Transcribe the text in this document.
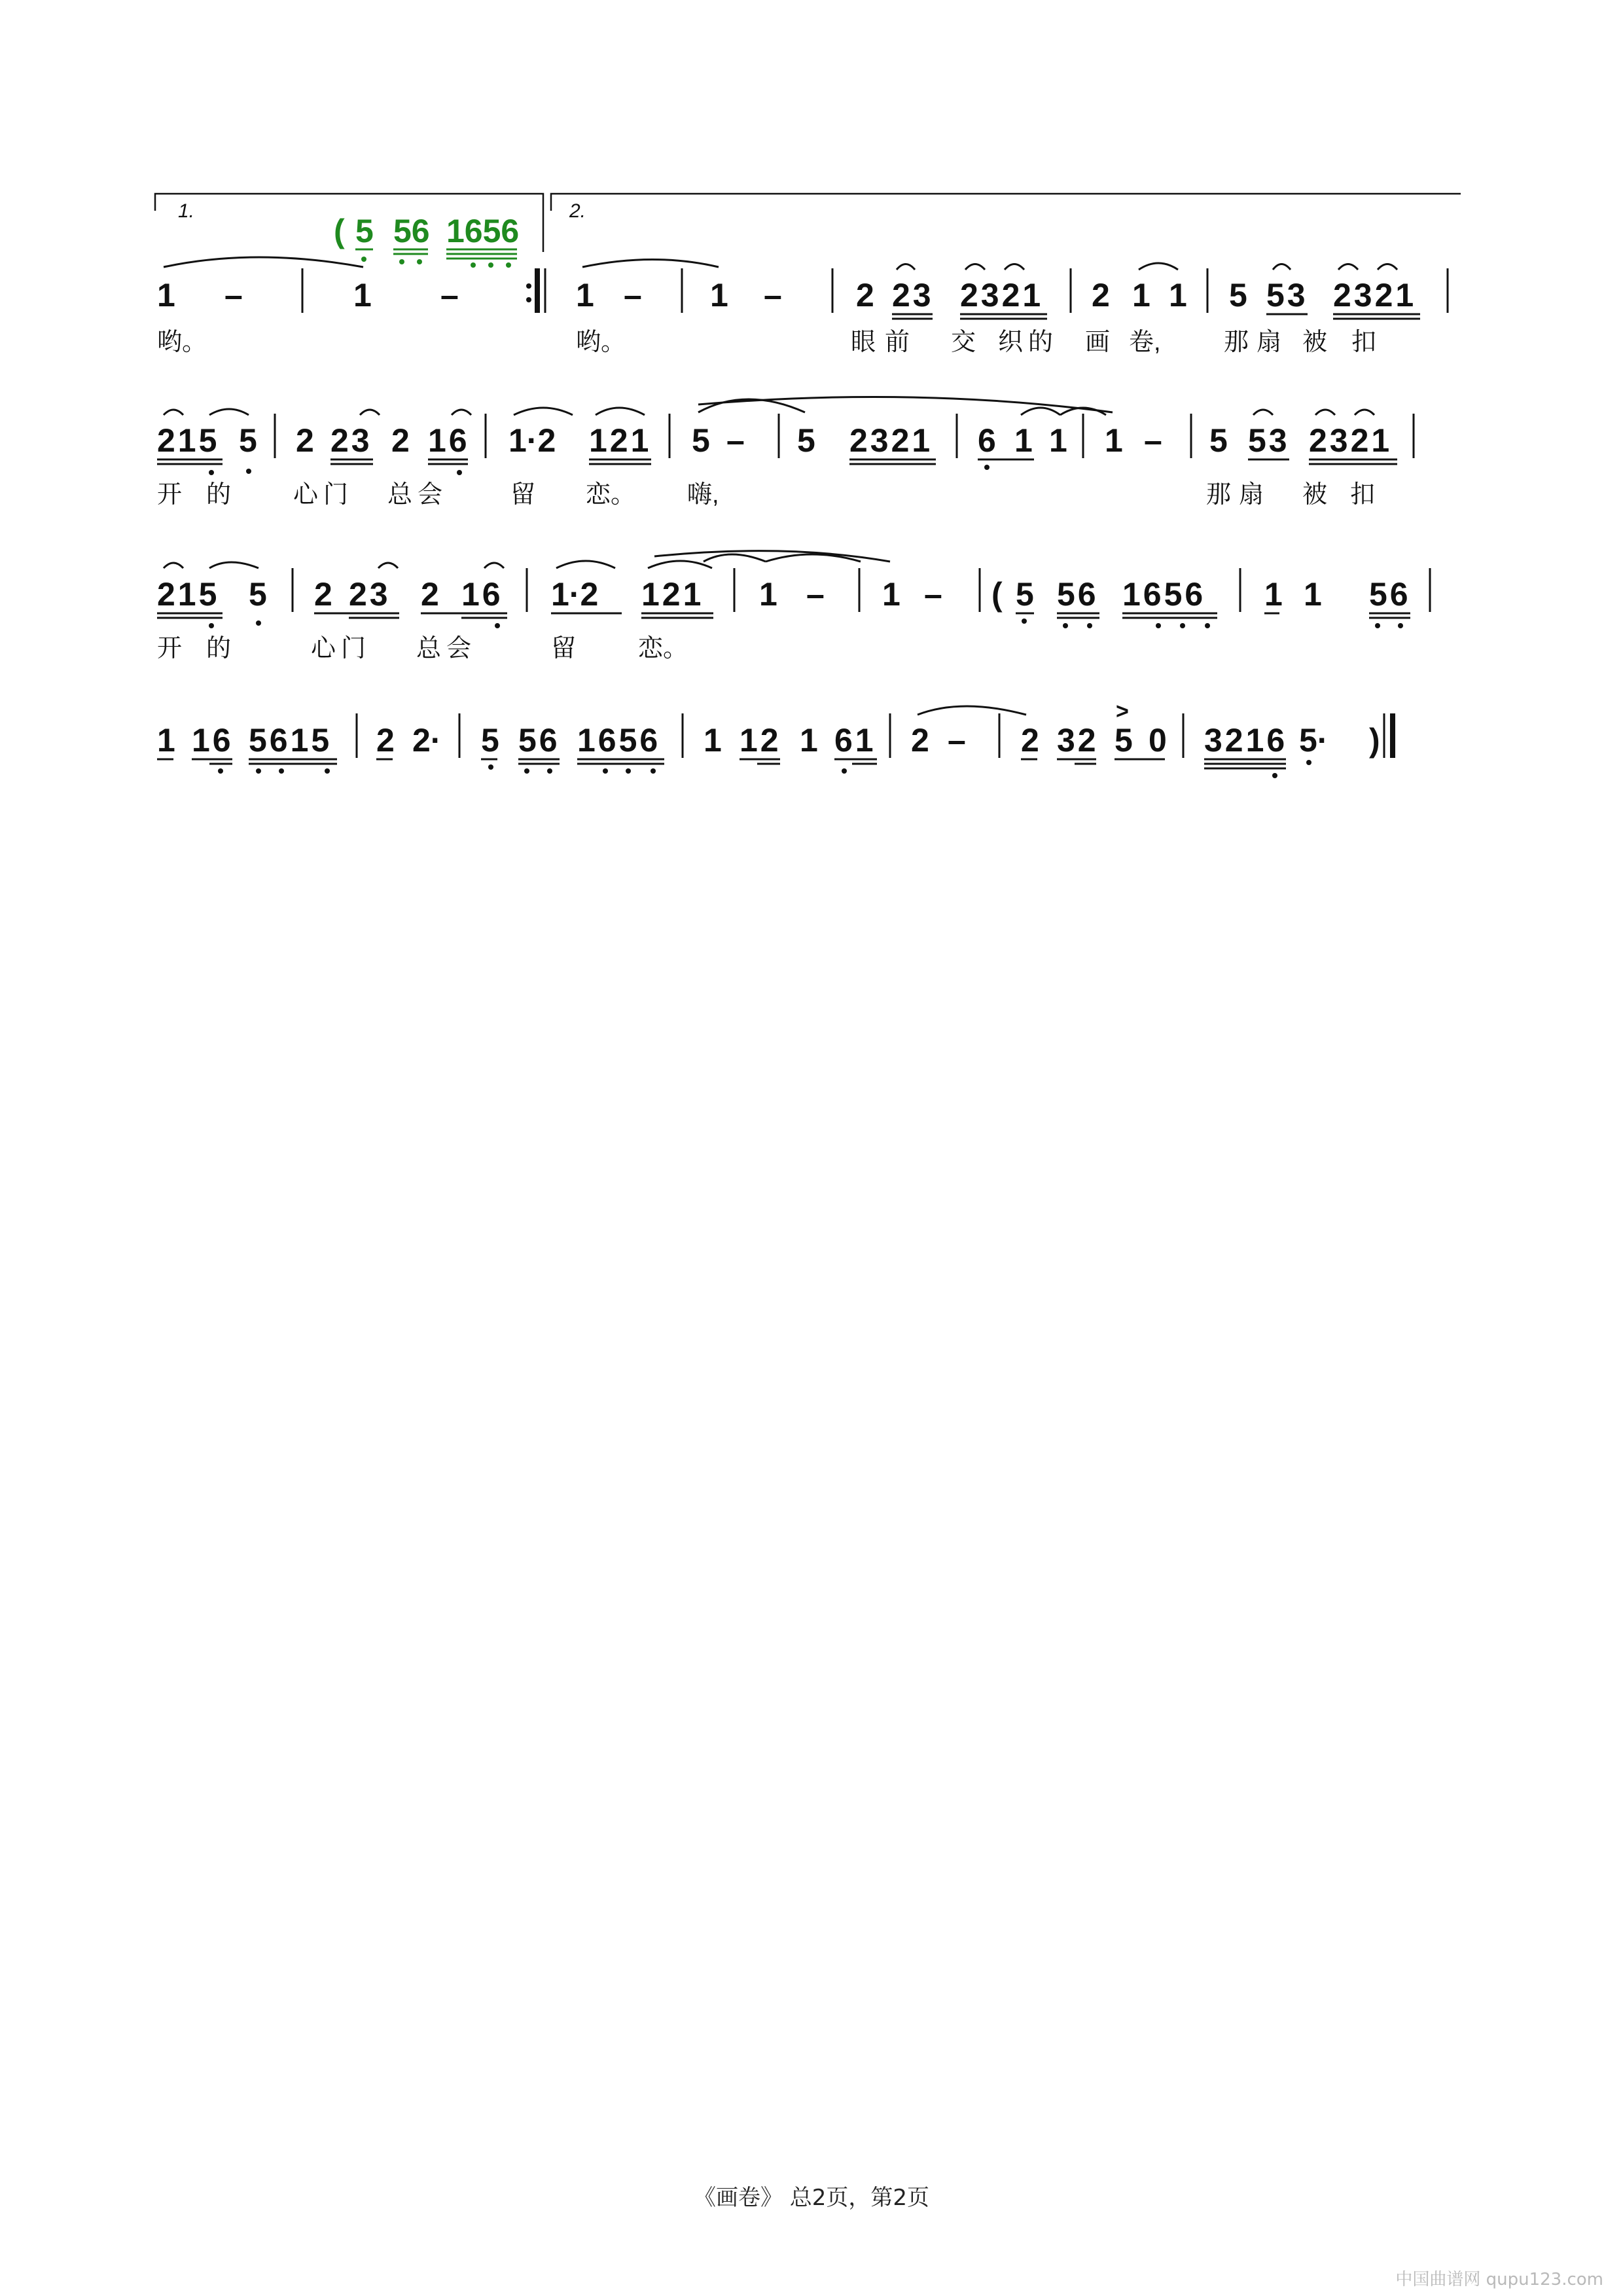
1.	2.
( 5 56 1656
1 –	1 –	1 – 1 – 2 23 2321 2 1 1 5 53 2321
哟。	哟。	眼前 交 织的 画 卷,	那扇 被 扣
215 5 2 23 2 16 1·2 121 5 – 5 2321 6 1 1 1 – 5 53 2321
开 的 心门 总会	留 恋。 嗨,	那扇 被 扣
215 5 2 23 2 16 1·2 121 1 – 1 – ( 5 56 1656 1 1 56
开 的	心门 总会	留 恋。
1 16 5615 2 2· 5 56 1656 1 12 1 61 2 – 2 32 5 0
>
3216 5· )
《画卷》 总2页，第2页
中国曲谱网 qupu123.com
